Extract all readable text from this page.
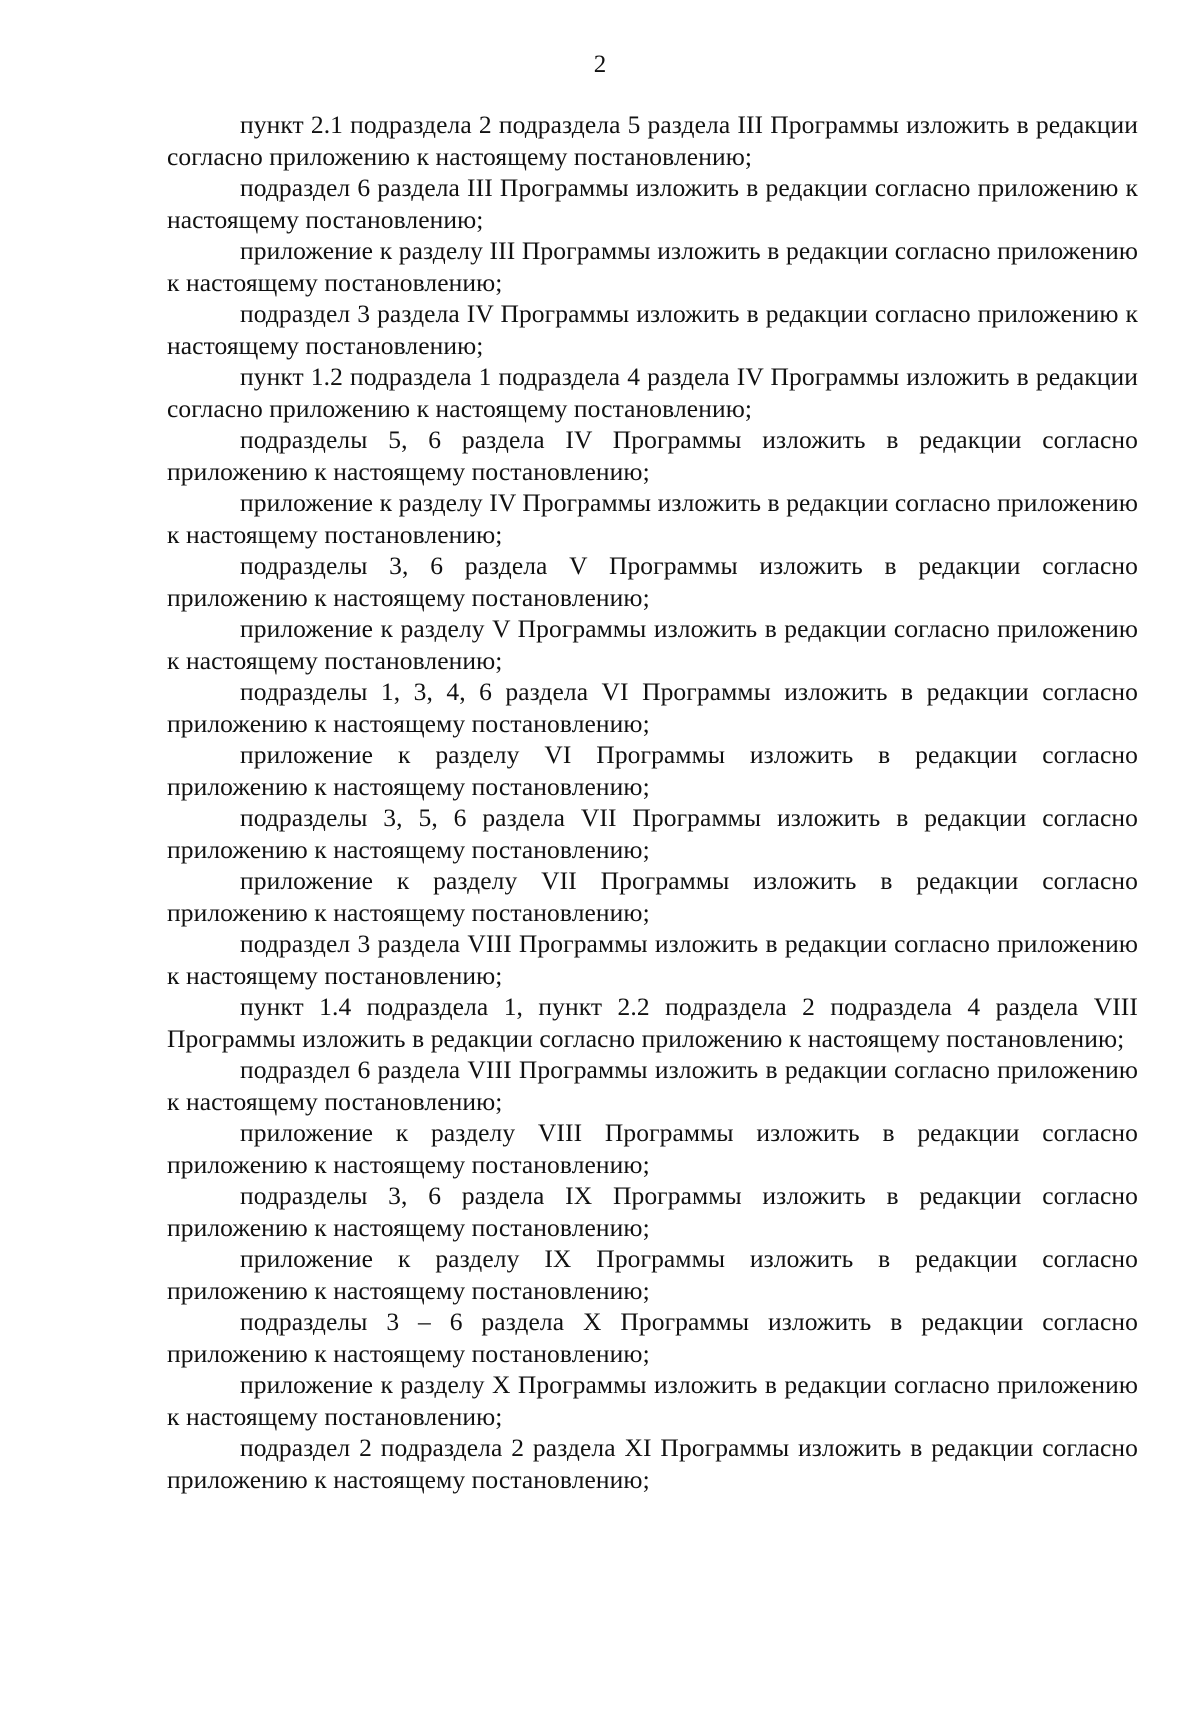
2

пункт 2.1 подраздела 2 подраздела 5 раздела III Программы изложить в редакции согласно приложению к настоящему постановлению;

подраздел 6 раздела III Программы изложить в редакции согласно приложению к настоящему постановлению;

приложение к разделу III Программы изложить в редакции согласно приложению к настоящему постановлению;

подраздел 3 раздела IV Программы изложить в редакции согласно приложению к настоящему постановлению;

пункт 1.2 подраздела 1 подраздела 4 раздела IV Программы изложить в редакции согласно приложению к настоящему постановлению;

подразделы 5, 6 раздела IV Программы изложить в редакции согласно приложению к настоящему постановлению;

приложение к разделу IV Программы изложить в редакции согласно приложению к настоящему постановлению;

подразделы 3, 6 раздела V Программы изложить в редакции согласно приложению к настоящему постановлению;

приложение к разделу V Программы изложить в редакции согласно приложению к настоящему постановлению;

подразделы 1, 3, 4, 6 раздела VI Программы изложить в редакции согласно приложению к настоящему постановлению;

приложение к разделу VI Программы изложить в редакции согласно приложению к настоящему постановлению;

подразделы 3, 5, 6 раздела VII Программы изложить в редакции согласно приложению к настоящему постановлению;

приложение к разделу VII Программы изложить в редакции согласно приложению к настоящему постановлению;

подраздел 3 раздела VIII Программы изложить в редакции согласно приложению к настоящему постановлению;

пункт 1.4 подраздела 1, пункт 2.2 подраздела 2 подраздела 4 раздела VIII Программы изложить в редакции согласно приложению к настоящему постановлению;

подраздел 6 раздела VIII Программы изложить в редакции согласно приложению к настоящему постановлению;

приложение к разделу VIII Программы изложить в редакции согласно приложению к настоящему постановлению;

подразделы 3, 6 раздела IX Программы изложить в редакции согласно приложению к настоящему постановлению;

приложение к разделу IX Программы изложить в редакции согласно приложению к настоящему постановлению;

подразделы 3 – 6 раздела X Программы изложить в редакции согласно приложению к настоящему постановлению;

приложение к разделу X Программы изложить в редакции согласно приложению к настоящему постановлению;

подраздел 2 подраздела 2 раздела XI Программы изложить в редакции согласно приложению к настоящему постановлению;
